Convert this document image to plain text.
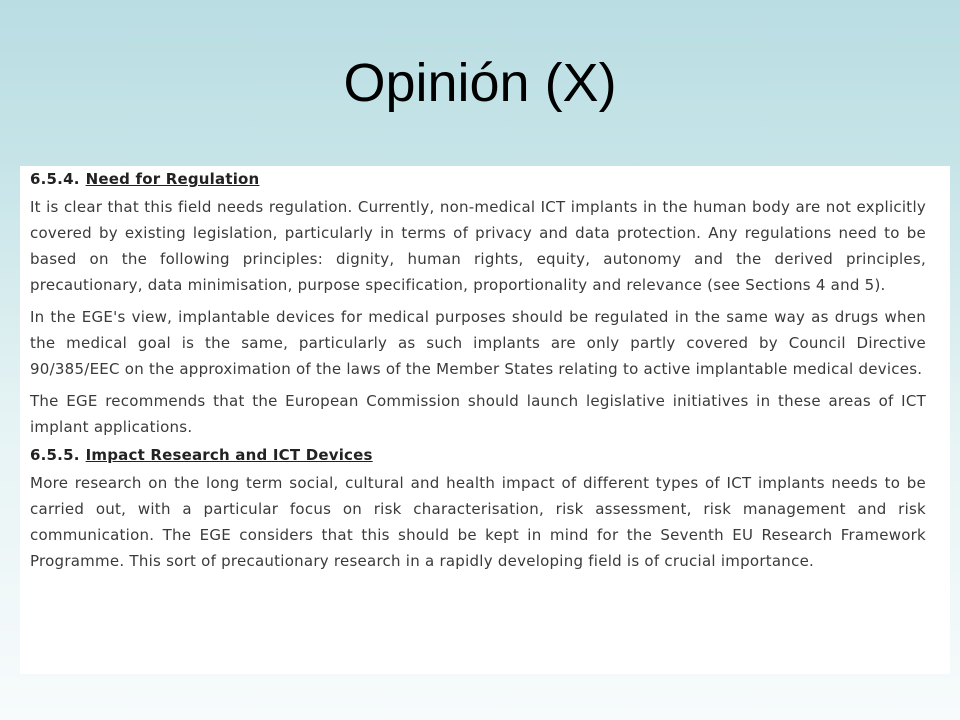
Opinión (X)
6.5.4. Need for Regulation

It is clear that this field needs regulation. Currently, non-medical ICT implants in the human body are not explicitly covered by existing legislation, particularly in terms of privacy and data protection. Any regulations need to be based on the following principles: dignity, human rights, equity, autonomy and the derived principles, precautionary, data minimisation, purpose specification, proportionality and relevance (see Sections 4 and 5).

In the EGE's view, implantable devices for medical purposes should be regulated in the same way as drugs when the medical goal is the same, particularly as such implants are only partly covered by Council Directive 90/385/EEC on the approximation of the laws of the Member States relating to active implantable medical devices.

The EGE recommends that the European Commission should launch legislative initiatives in these areas of ICT implant applications.

6.5.5. Impact Research and ICT Devices

More research on the long term social, cultural and health impact of different types of ICT implants needs to be carried out, with a particular focus on risk characterisation, risk assessment, risk management and risk communication. The EGE considers that this should be kept in mind for the Seventh EU Research Framework Programme. This sort of precautionary research in a rapidly developing field is of crucial importance.
